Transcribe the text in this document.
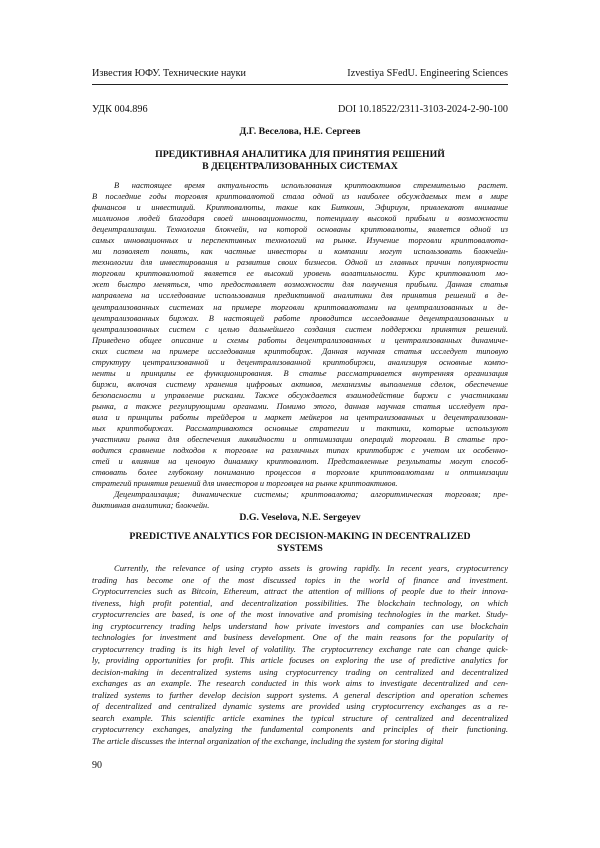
Известия ЮФУ. Технические науки	Izvestiya SFedU. Engineering Sciences
УДК 004.896	DOI 10.18522/2311-3103-2024-2-90-100
Д.Г. Веселова, Н.Е. Сергеев
ПРЕДИКТИВНАЯ АНАЛИТИКА ДЛЯ ПРИНЯТИЯ РЕШЕНИЙ
В ДЕЦЕНТРАЛИЗОВАННЫХ СИСТЕМАХ
В настоящее время актуальность использования криптоактивов стремительно растет.
В последние годы торговля криптовалютой стала одной из наиболее обсуждаемых тем в мире
финансов и инвестиций. Криптовалюты, такие как Биткоин, Эфириум, привлекают внимание
миллионов людей благодаря своей инновационности, потенциалу высокой прибыли и возможности
децентрализации. Технология блокчейн, на которой основаны криптовалюты, является одной из
самых инновационных и перспективных технологий на рынке. Изучение торговли криптовалюта-
ми позволяет понять, как частные инвесторы и компании могут использовать блокчейн-
технологии для инвестирования и развития своих бизнесов. Одной из главных причин популярности
торговли криптовалютой является ее высокий уровень волатильности. Курс криптовалют мо-
жет быстро меняться, что предоставляет возможности для получения прибыли. Данная статья
направлена на исследование использования предиктивной аналитики для принятия решений в де-
централизованных системах на примере торговли криптовалютами на централизованных и де-
централизованных биржах. В настоящей работе проводится исследование децентрализованных и
централизованных систем с целью дальнейшего создания систем поддержки принятия решений.
Приведено общее описание и схемы работы децентрализованных и централизованных динамиче-
ских систем на примере исследования криптобирж. Данная научная статья исследует типовую
структуру централизованной и децентрализованной криптобиржи, анализируя основные компо-
ненты и принципы ее функционирования. В статье рассматривается внутренняя организация
биржи, включая систему хранения цифровых активов, механизмы выполнения сделок, обеспечение
безопасности и управление рисками. Также обсуждается взаимодействие биржи с участниками
рынка, а также регулирующими органами. Помимо этого, данная научная статья исследует пра-
вила и принципы работы трейдеров и маркет мейкеров на централизованных и децентрализован-
ных криптобиржах. Рассматриваются основные стратегии и тактики, которые используют
участники рынка для обеспечения ликвидности и оптимизации операций торговли. В статье про-
водится сравнение подходов к торговле на различных типах криптобирж с учетом их особенно-
стей и влияния на ценовую динамику криптовалют. Представленные результаты могут способ-
ствовать более глубокому пониманию процессов в торговле криптовалютами и оптимизации
стратегий принятия решений для инвесторов и торговцев на рынке криптоактивов.
Децентрализация; динамические системы; криптовалюта; алгоритмическая торговля; пре-
диктивная аналитика; блокчейн.
D.G. Veselova, N.E. Sergeyev
PREDICTIVE ANALYTICS FOR DECISION-MAKING IN DECENTRALIZED
SYSTEMS
Currently, the relevance of using crypto assets is growing rapidly. In recent years, cryptocurrency
trading has become one of the most discussed topics in the world of finance and investment.
Cryptocurrencies such as Bitcoin, Ethereum, attract the attention of millions of people due to their innova-
tiveness, high profit potential, and decentralization possibilities. The blockchain technology, on which
cryptocurrencies are based, is one of the most innovative and promising technologies in the market. Study-
ing cryptocurrency trading helps understand how private investors and companies can use blockchain
technologies for investment and business development. One of the main reasons for the popularity of
cryptocurrency trading is its high level of volatility. The cryptocurrency exchange rate can change quick-
ly, providing opportunities for profit. This article focuses on exploring the use of predictive analytics for
decision-making in decentralized systems using cryptocurrency trading on centralized and decentralized
exchanges as an example. The research conducted in this work aims to investigate decentralized and cen-
tralized systems to further develop decision support systems. A general description and operation schemes
of decentralized and centralized dynamic systems are provided using cryptocurrency exchanges as a re-
search example. This scientific article examines the typical structure of centralized and decentralized
cryptocurrency exchanges, analyzing the fundamental components and principles of their functioning.
The article discusses the internal organization of the exchange, including the system for storing digital
90
